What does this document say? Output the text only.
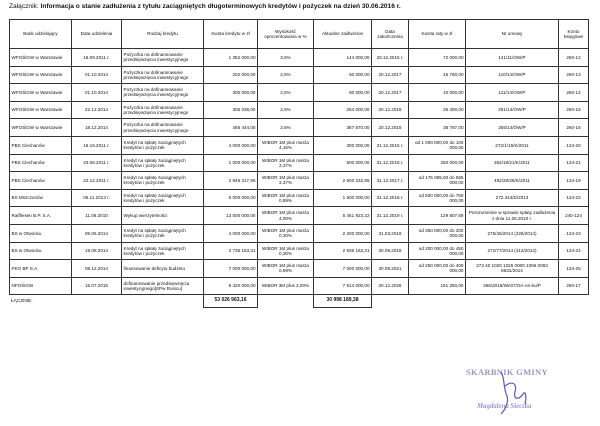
Załącznik: Informacja o stanie zadłużenia z tytułu zaciągniętych długoterminowych kredytów i pożyczek na dzień 30.06.2016 r.
Bank udzielający	Data udzielenia	Rodzaj kredytu	Kwota kredytu w zł	Wysokość oprocentowania w %	Aktualne zadłużenie	Data zakończenia	Kwota raty w zł	Nr umowy	Konto księgowe
WFOŚiGW w Warszawie	16.09.2011 r.	Pożyczka na dofinansowanie przedsięwzięcia inwestycyjnego	1 352 000,00	3,5%	144 000,00	20.12.2016 r.	72 000,00	141/11/OW/P	260-12
WFOŚiGW w Warszawie	01.10.2014	Pożyczka na dofinansowanie przedsięwzięcia inwestycyjnego	202 000,00	2,5%	50 000,00	20.12.2017	16 750,00	110/14/OW/P	260-13
WFOŚiGW w Warszawie	01.10.2014	Pożyczka na dofinansowanie przedsięwzięcia inwestycyjnego	300 000,00	2,5%	60 000,00	20.12.2017	10 000,00	111/14/OW/P	260-14
WFOŚiGW w Warszawie	22.12.2014	Pożyczka na dofinansowanie przedsięwzięcia inwestycyjnego	305 038,00	2,5%	254 000,00	20.12.2018	25 400,00	251/14/OW/P	260-15
WFOŚiGW w Warszawie	18.12.2014	Pożyczka na dofinansowanie przedsięwzięcia inwestycyjnego	465 444,00	2,5%	387 870,00	20.12.2018	38 787,00	255/14/OW/P	260-16
PBS Ciechanów	16.16.2011 r.	Kredyt na spłatę zaciągniętych kredytów i pożyczek	4 000 000,00	WIBOR 1M plus marża 4,15%	300 000,00	31.12.2016 r.	od 1 000 000,00 do 100 000,00	272/1/15/K/2011	134-20
PBS Ciechanów	23.08.2011 r.	Kredyt na spłatę zaciągniętych kredytów i pożyczek	1 000 000,00	WIBOR 1M plus marża 3,37%	500 000,00	31.12.2016 r.	250 000,00	364/18/21/K/2011	134-21
PBS Ciechanów	22.12.2011 r.	Kredyt na spłatę zaciągniętych kredytów i pożyczek	2 946 317,85	WIBOR 1M plus marża 3,37%	2 600 232,85	31.12.2017 r.	od 176 085,00 do 565 000,00	482/29/28/K/2011	134-19
BS Mszczonów	05.11.2013 r.	Kredyt na spłatę zaciągniętych kredytów i pożyczek	6 000 000,00	WIBOR 1M plus marża 0,89%	1 500 000,00	31.12.2016 r.	od 500 000,00 do 750 000,00	272.444/D/2013	134-22
Raiffeisen B.P. S.A.	11.06.2010	Wykup wierzytelności	13 500 000,00	WIBOR 1M plus marża 4,00%	5 451 923,22	31.12.2019 r.	129 807,69	Porozumienie w sprawie spłaty zadłużenia z dnia 11.06.2010 r.	240-124
BS w Otwocku	09.06.2014	Kredyt na spłatę zaciągniętych kredytów i pożyczek	4 000 000,00	WIBOR 1M plus marża 0,30%	2 200 000,00	31.03.2019	od 350 000,00 do 200 000,00	275/45/2014 (226/2014)	134-23
BS w Otwocku	19.08.2014	Kredyt na spłatę zaciągniętych kredytów i pożyczek	3 736 163,31	WIBOR 1M plus marża 0,30%	2 936 163,31	30.09.2018	od 200 000,00 do 450 000,00	272/77/2014 (413/2014)	134-24
PKO BP S.A.	08.12.2014	finansowanie deficytu budżetu	7 000 000,00	WIBOR 1M plus marża 0,69%	7 000 000,00	30.09.2021	od 250 000,00 do 400 000,00	272.40 1020 1026 0000 1096 0083 8631/2014	134-25
NFOŚiGW	15.07.2015	dofinansowanie przedsięwzięcia inwestycyjnego[SPw Rusicu]	8 420 000,00	WIBOR 3M plus 2,00%	7 614 000,00	20.12.2026	191 250,00	366/2015/Wn07/OA-on-ku/P	260-17
ŁĄCZNIE:			53 026 963,16		30 998 189,38				
SKARBNIK GMINY
Magdalena Sieczka
